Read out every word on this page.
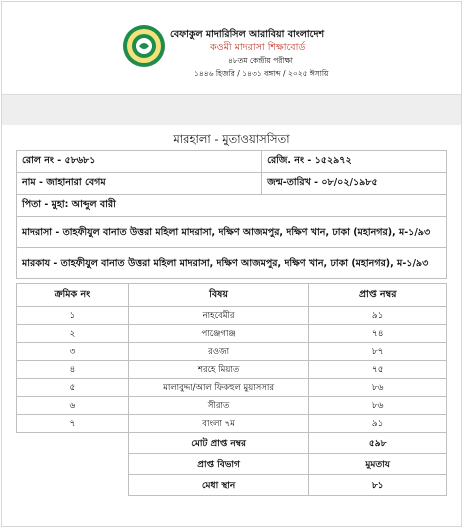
বেফাকুল মাদারিসিল আরাবিয়া বাংলাদেশ
কওমী মাদরাসা শিক্ষাবোর্ড
৪৮তম কেন্দ্রীয় পরীক্ষা
১৪৪৬ হিজরি / ১৪৩১ বঙ্গাব্দ / ২০২৫ ঈসায়ি
মারহালা - মুতাওয়াসসিতা
রোল নং - ৫৮৬৮১	রেজি. নং - ১৫২৯৭২
নাম - জাহানারা বেগম	জন্ম-তারিখ - ০৮/০২/১৯৮৫
পিতা - মুহা: আব্দুল বারী	
মাদরাসা - তাহফীযুল বানাত উত্তরা মহিলা মাদরাসা, দক্ষিণ আজমপুর, দক্ষিণ খান, ঢাকা (মহানগর), ম-১/৯৩	
মারকায - তাহফীযুল বানাত উত্তরা মহিলা মাদরাসা, দক্ষিণ আজমপুর, দক্ষিণ খান, ঢাকা (মহানগর), ম-১/৯৩	
ক্রমিক নং	বিষয়	প্রাপ্ত নম্বর
১	নাহবেমীর	৯১
২	পাঞ্জেগাঞ্জ	৭৪
৩	রওজা	৮৭
৪	শরহে মিয়াত	৭৫
৫	মালাবুদ্দা/আল ফিকহুল মুয়াসসার	৮৬
৬	সীরাত	৮৬
৭	বাংলা ৭ম	৯১
	মোট প্রাপ্ত নম্বর	৫৯৮
	প্রাপ্ত বিভাগ	মুমতায
	মেধা স্থান	৮১
